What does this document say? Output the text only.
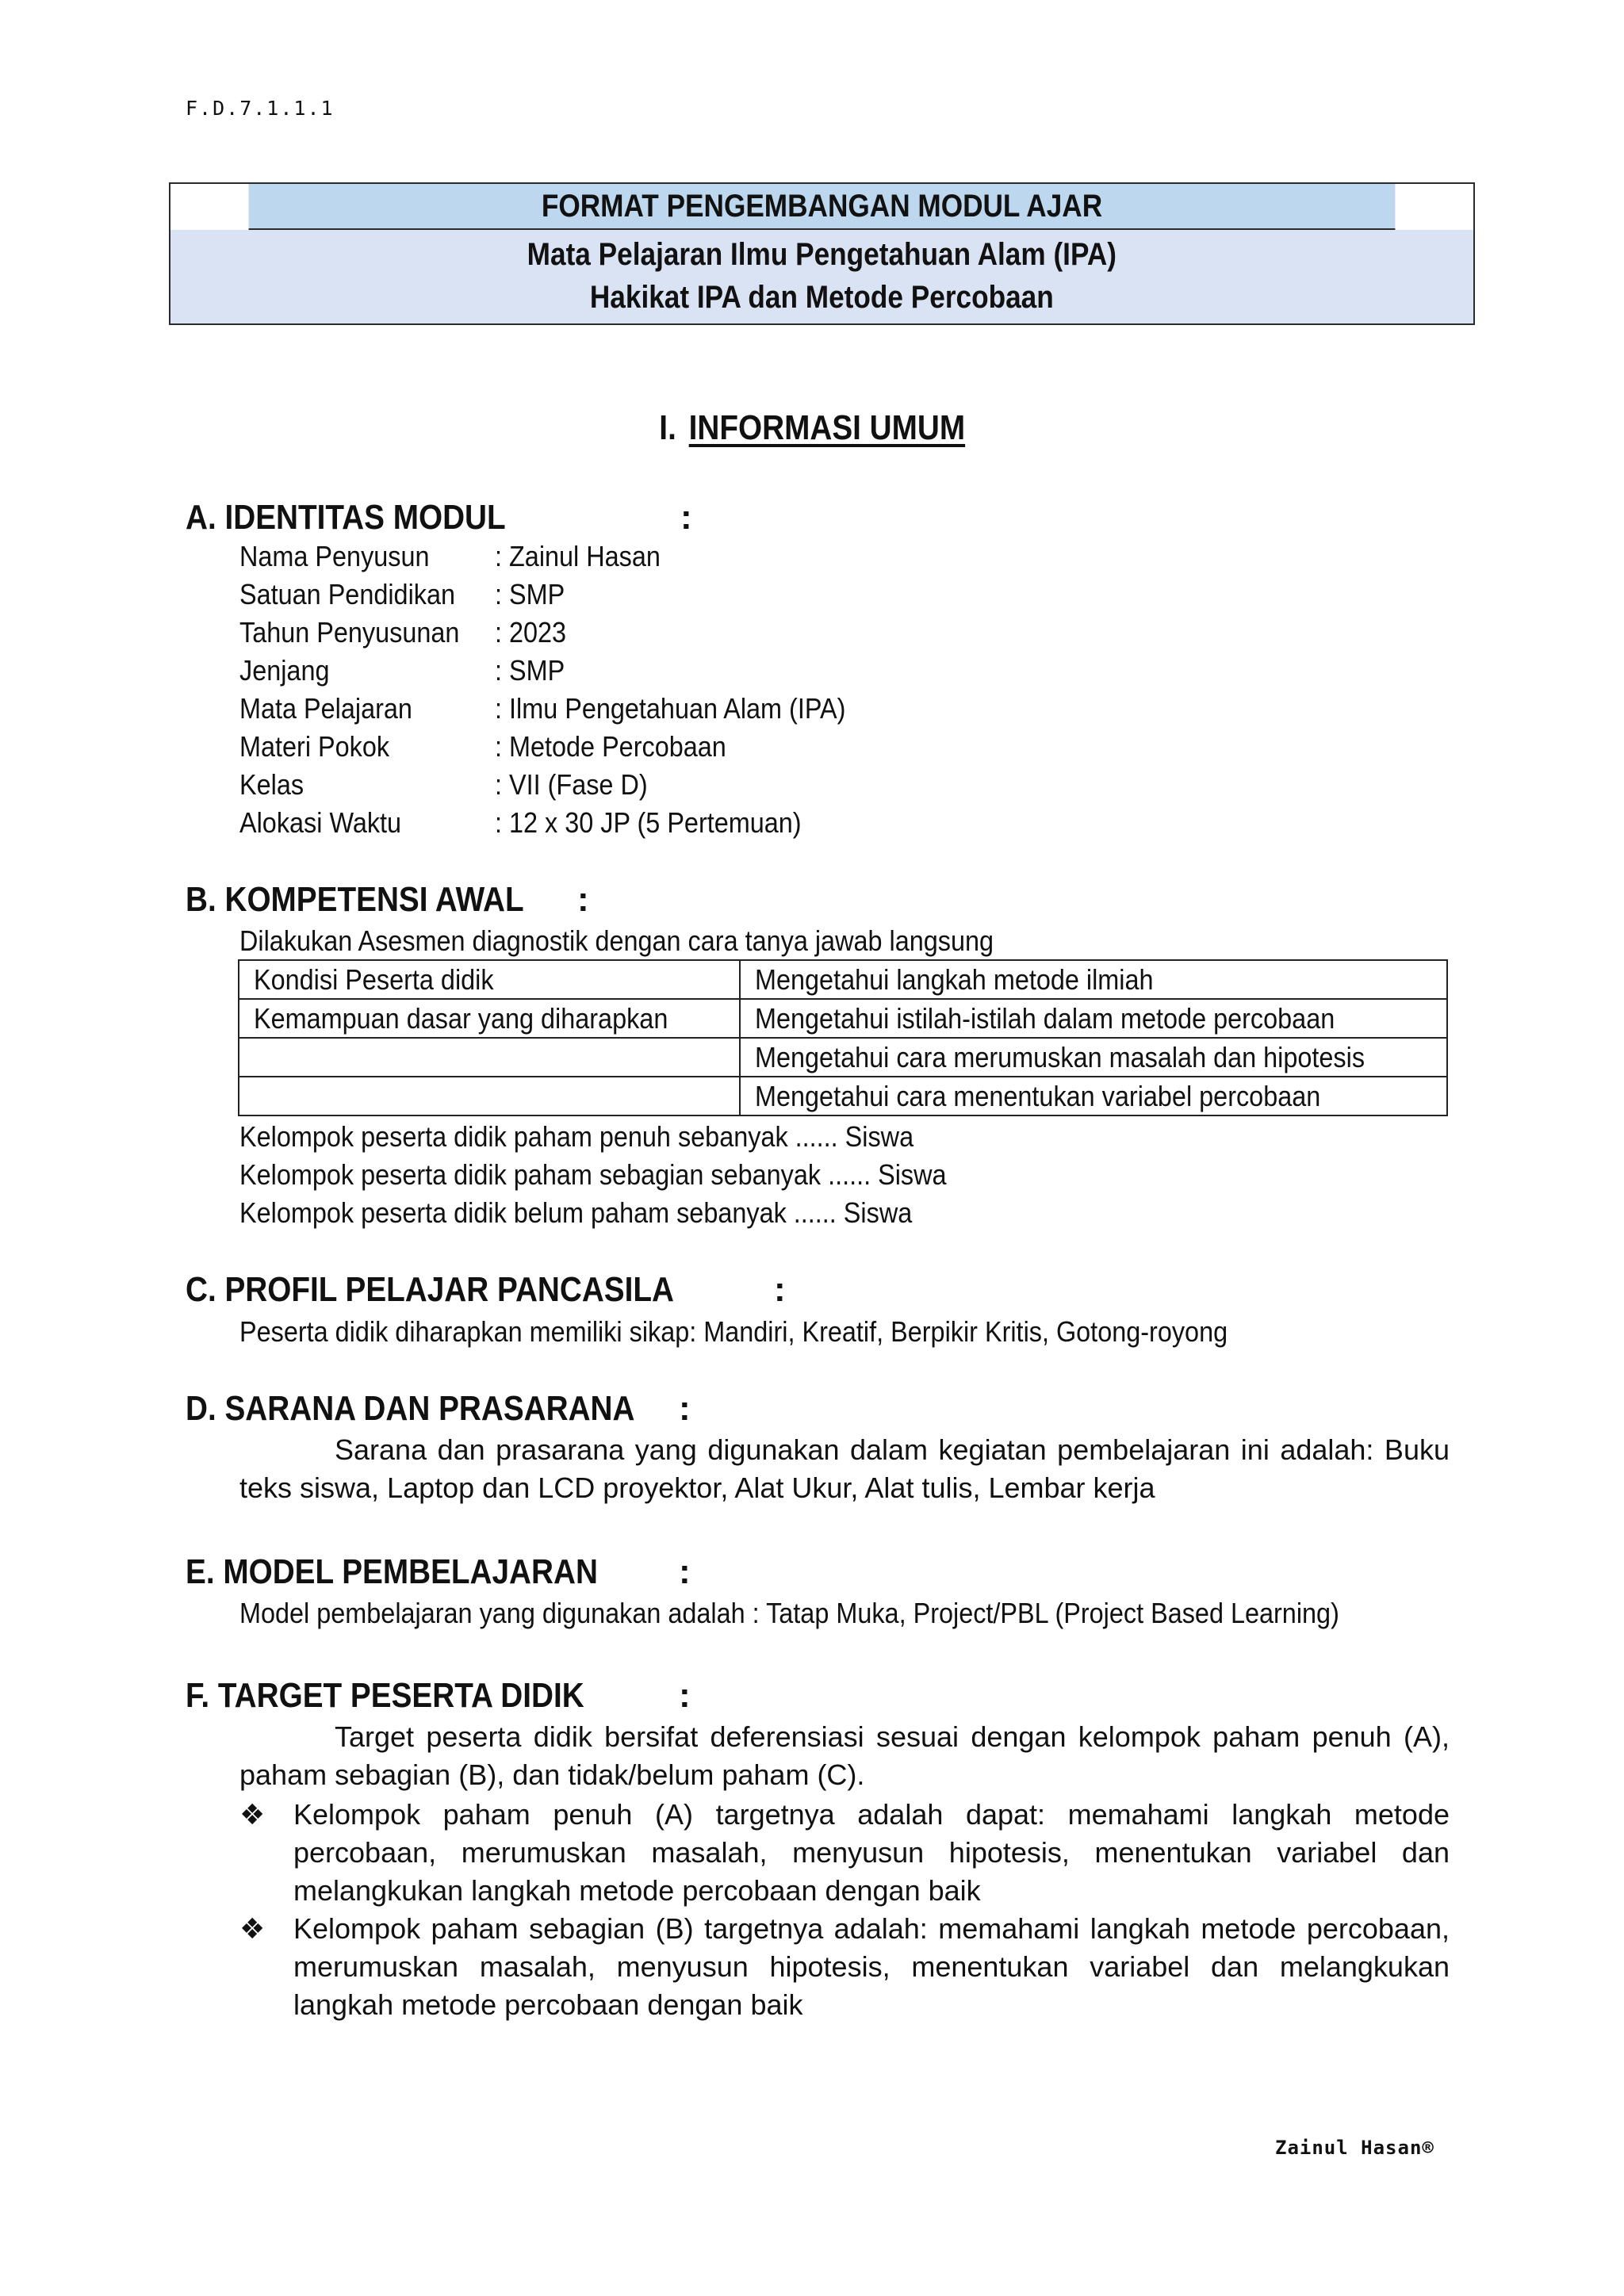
F.D.7.1.1.1
FORMAT PENGEMBANGAN MODUL AJAR
Mata Pelajaran Ilmu Pengetahuan Alam (IPA)
Hakikat IPA dan Metode Percobaan
I. INFORMASI UMUM
A. IDENTITAS MODUL	:
Nama Penyusun	: Zainul Hasan
Satuan Pendidikan	: SMP
Tahun Penyusunan	: 2023
Jenjang	: SMP
Mata Pelajaran	: Ilmu Pengetahuan Alam (IPA)
Materi Pokok	: Metode Percobaan
Kelas	: VII (Fase D)
Alokasi Waktu	: 12 x 30 JP (5 Pertemuan)
B. KOMPETENSI AWAL :
Dilakukan Asesmen diagnostik dengan cara tanya jawab langsung
Kondisi Peserta didik	Mengetahui langkah metode ilmiah
Kemampuan dasar yang diharapkan	Mengetahui istilah-istilah dalam metode percobaan
	Mengetahui cara merumuskan masalah dan hipotesis
	Mengetahui cara menentukan variabel percobaan
Kelompok peserta didik paham penuh sebanyak ...... Siswa
Kelompok peserta didik paham sebagian sebanyak ...... Siswa
Kelompok peserta didik belum paham sebanyak ...... Siswa
C. PROFIL PELAJAR PANCASILA	:
Peserta didik diharapkan memiliki sikap: Mandiri, Kreatif, Berpikir Kritis, Gotong-royong
D. SARANA DAN PRASARANA :

Sarana dan prasarana yang digunakan dalam kegiatan pembelajaran ini adalah: Buku teks siswa, Laptop dan LCD proyektor, Alat Ukur, Alat tulis, Lembar kerja

E. MODEL PEMBELAJARAN :
Model pembelajaran yang digunakan adalah : Tatap Muka, Project/PBL (Project Based Learning)
F. TARGET PESERTA DIDIK	:

Target peserta didik bersifat deferensiasi sesuai dengan kelompok paham penuh (A), paham sebagian (B), dan tidak/belum paham (C).

❖ Kelompok paham penuh (A) targetnya adalah dapat: memahami langkah metode percobaan, merumuskan masalah, menyusun hipotesis, menentukan variabel dan melangkukan langkah metode percobaan dengan baik
❖ Kelompok paham sebagian (B) targetnya adalah: memahami langkah metode percobaan, merumuskan masalah, menyusun hipotesis, menentukan variabel dan melangkukan langkah metode percobaan dengan baik
Zainul Hasan®
